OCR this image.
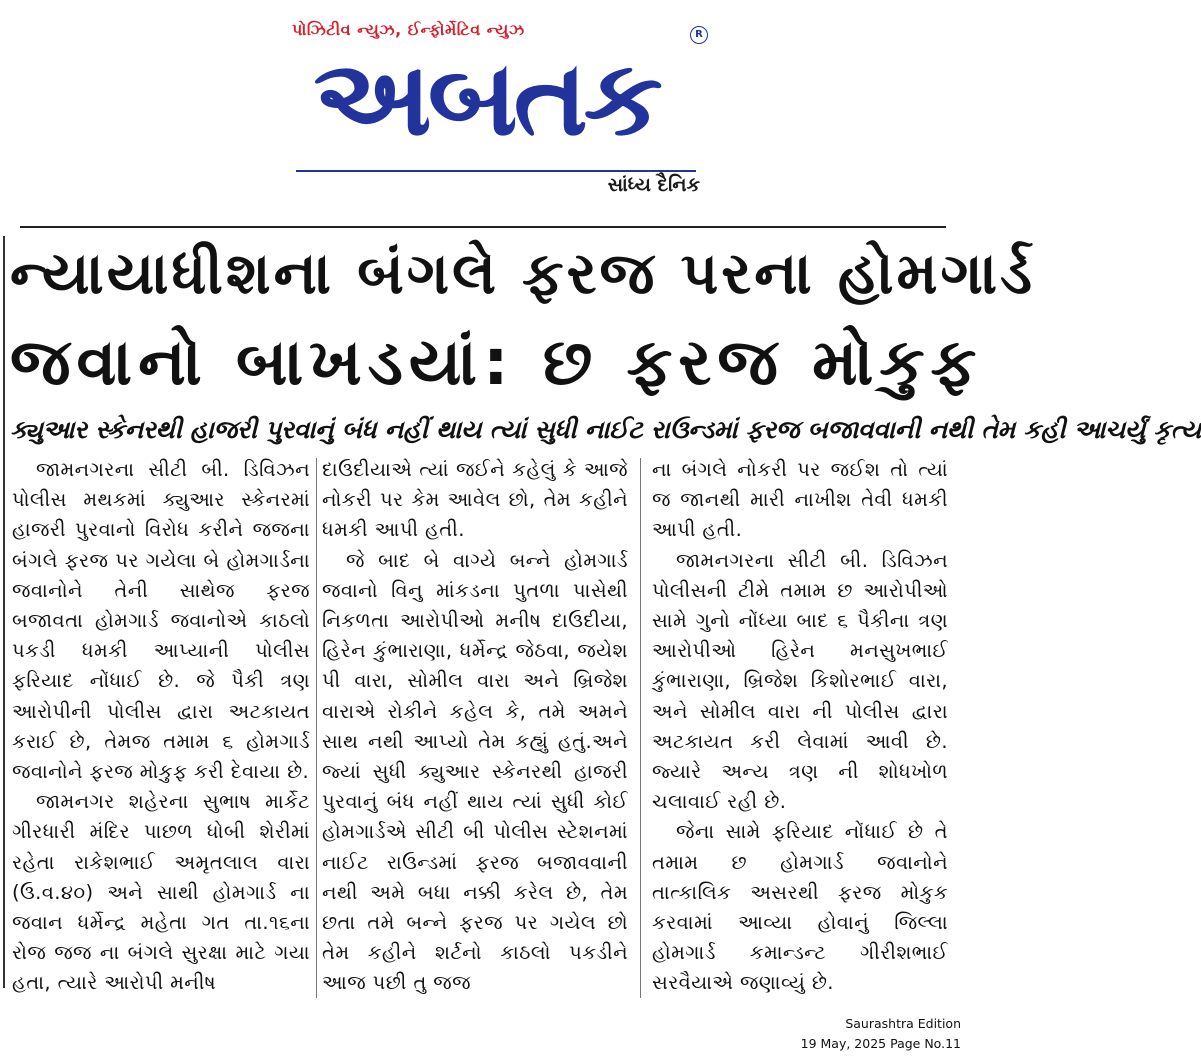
પોઝિટીવ ન્યુઝ, ઈન્ફોર્મેટિવ ન્યુઝ
અબતક
R
સાંધ્ય દૈનિક
ન્યાયાધીશના બંગલે ફરજ પરના હોમગાર્ડ
જવાનો બાખડયાં: છ ફરજ મોકુફ
ક્યુઆર સ્કેનરથી હાજરી પુરવાનું બંધ નહીં થાય ત્યાં સુધી નાઈટ રાઉન્ડમાં ફરજ બજાવવાની નથી તેમ કહી આચર્યું કૃત્ય

જામનગરના સીટી બી. ડિવિઝન પોલીસ મથકમાં ક્યુઆર સ્કેનરમાં હાજરી પુરવાનો વિરોધ કરીને જજના બંગલે ફરજ પર ગયેલા બે હોમગાર્ડના જવાનોને તેની સાથેજ ફરજ બજાવતા હોમગાર્ડ જવાનોએ કાઠલો પકડી ધમકી આપ્યાની પોલીસ ફરિયાદ નોંધાઈ છે. જે પૈકી ત્રણ આરોપીની પોલીસ દ્વારા અટકાયત કરાઈ છે, તેમજ તમામ ૬ હોમગાર્ડ જવાનોને ફરજ મોકુફ કરી દેવાયા છે.

જામનગર શહેરના સુભાષ માર્કેટ ગીરધારી મંદિર પાછળ ધોબી શેરીમાં રહેતા રાકેશભાઈ અમૃતલાલ વારા (ઉ.વ.૪૦) અને સાથી હોમગાર્ડ ના જવાન ધર્મેન્દ્ર મહેતા ગત તા.૧૬ના રોજ જજ ના બંગલે સુરક્ષા માટે ગયા હતા, ત્યારે આરોપી મનીષ

દાઉદીયાએ ત્યાં જઈને કહેલું કે આજે નોકરી પર કેમ આવેલ છો, તેમ કહીને ધમકી આપી હતી.

જે બાદ બે વાગ્યે બન્ને હોમગાર્ડ જવાનો વિનુ માંકડના પુતળા પાસેથી નિકળતા આરોપીઓ મનીષ દાઉદીયા, હિરેન કુંભારાણા, ધર્મેન્દ્ર જેઠવા, જયેશ પી વારા, સોમીલ વારા અને બ્રિજેશ વારાએ રોકીને કહેલ કે, તમે અમને સાથ નથી આપ્યો તેમ કહ્યું હતું.અને જ્યાં સુધી ક્યુઆર સ્કેનરથી હાજરી પુરવાનું બંધ નહીં થાય ત્યાં સુધી કોઈ હોમગાર્ડએ સીટી બી પોલીસ સ્ટેશનમાં નાઈટ રાઉન્ડમાં ફરજ બજાવવાની નથી અમે બધા નક્કી કરેલ છે, તેમ છતા તમે બન્ને ફરજ પર ગયેલ છો તેમ કહીને શર્ટનો કાઠલો પકડીને આજ પછી તુ જજ

ના બંગલે નોકરી પર જઈશ તો ત્યાં જ જાનથી મારી નાખીશ તેવી ધમકી આપી હતી.

જામનગરના સીટી બી. ડિવિઝન પોલીસની ટીમે તમામ છ આરોપીઓ સામે ગુનો નોંધ્યા બાદ ૬ પૈકીના ત્રણ આરોપીઓ હિરેન મનસુખભાઈ કુંભારાણા, બ્રિજેશ કિશોરભાઈ વારા, અને સોમીલ વારા ની પોલીસ દ્વારા અટકાયત કરી લેવામાં આવી છે. જ્યારે અન્ય ત્રણ ની શોધખોળ ચલાવાઈ રહી છે.

જેના સામે ફરિયાદ નોંધાઈ છે તે તમામ છ હોમગાર્ડ જવાનોને તાત્કાલિક અસરથી ફરજ મોકુક કરવામાં આવ્યા હોવાનું જિલ્લા હોમગાર્ડ કમાન્ડન્ટ ગીરીશભાઈ સરવૈયાએ જણાવ્યું છે.

Saurashtra Edition
19 May, 2025 Page No.11
